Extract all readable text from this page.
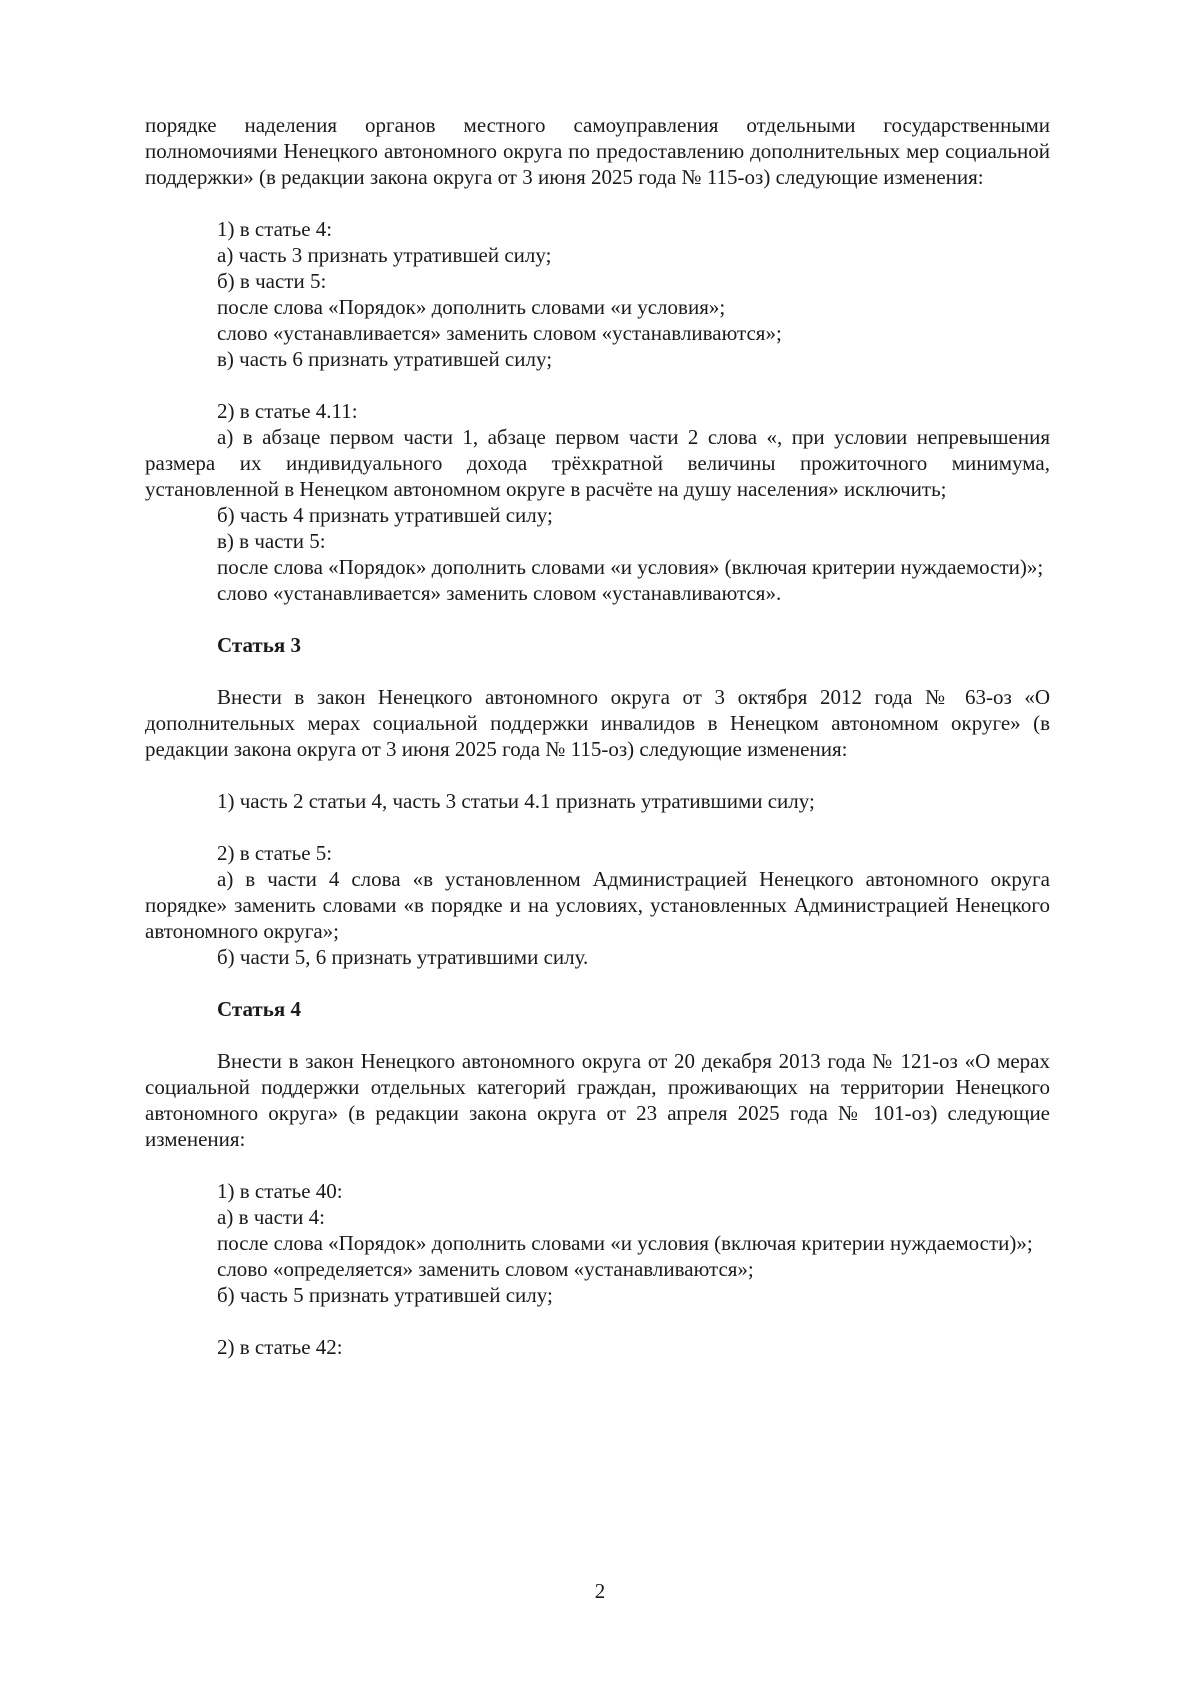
порядке наделения органов местного самоуправления отдельными государственными полномочиями Ненецкого автономного округа по предоставлению дополнительных мер социальной поддержки» (в редакции закона округа от 3 июня 2025 года № 115-оз) следующие изменения:

1) в статье 4:

а) часть 3 признать утратившей силу;

б) в части 5:

после слова «Порядок» дополнить словами «и условия»;

слово «устанавливается» заменить словом «устанавливаются»;

в) часть 6 признать утратившей силу;

2) в статье 4.11:

а) в абзаце первом части 1, абзаце первом части 2 слова «, при условии непревышения размера их индивидуального дохода трёхкратной величины прожиточного минимума, установленной в Ненецком автономном округе в расчёте на душу населения» исключить;

б) часть 4 признать утратившей силу;

в) в части 5:

после слова «Порядок» дополнить словами «и условия» (включая критерии нуждаемости)»;

слово «устанавливается» заменить словом «устанавливаются».

Статья 3

Внести в закон Ненецкого автономного округа от 3 октября 2012 года № 63-оз «О дополнительных мерах социальной поддержки инвалидов в Ненецком автономном округе» (в редакции закона округа от 3 июня 2025 года № 115-оз) следующие изменения:

1) часть 2 статьи 4, часть 3 статьи 4.1 признать утратившими силу;

2) в статье 5:

а) в части 4 слова «в установленном Администрацией Ненецкого автономного округа порядке» заменить словами «в порядке и на условиях, установленных Администрацией Ненецкого автономного округа»;

б) части 5, 6 признать утратившими силу.

Статья 4

Внести в закон Ненецкого автономного округа от 20 декабря 2013 года № 121-оз «О мерах социальной поддержки отдельных категорий граждан, проживающих на территории Ненецкого автономного округа» (в редакции закона округа от 23 апреля 2025 года № 101-оз) следующие изменения:

1) в статье 40:

а) в части 4:

после слова «Порядок» дополнить словами «и условия (включая критерии нуждаемости)»;

слово «определяется» заменить словом «устанавливаются»;

б) часть 5 признать утратившей силу;

2) в статье 42:

2
